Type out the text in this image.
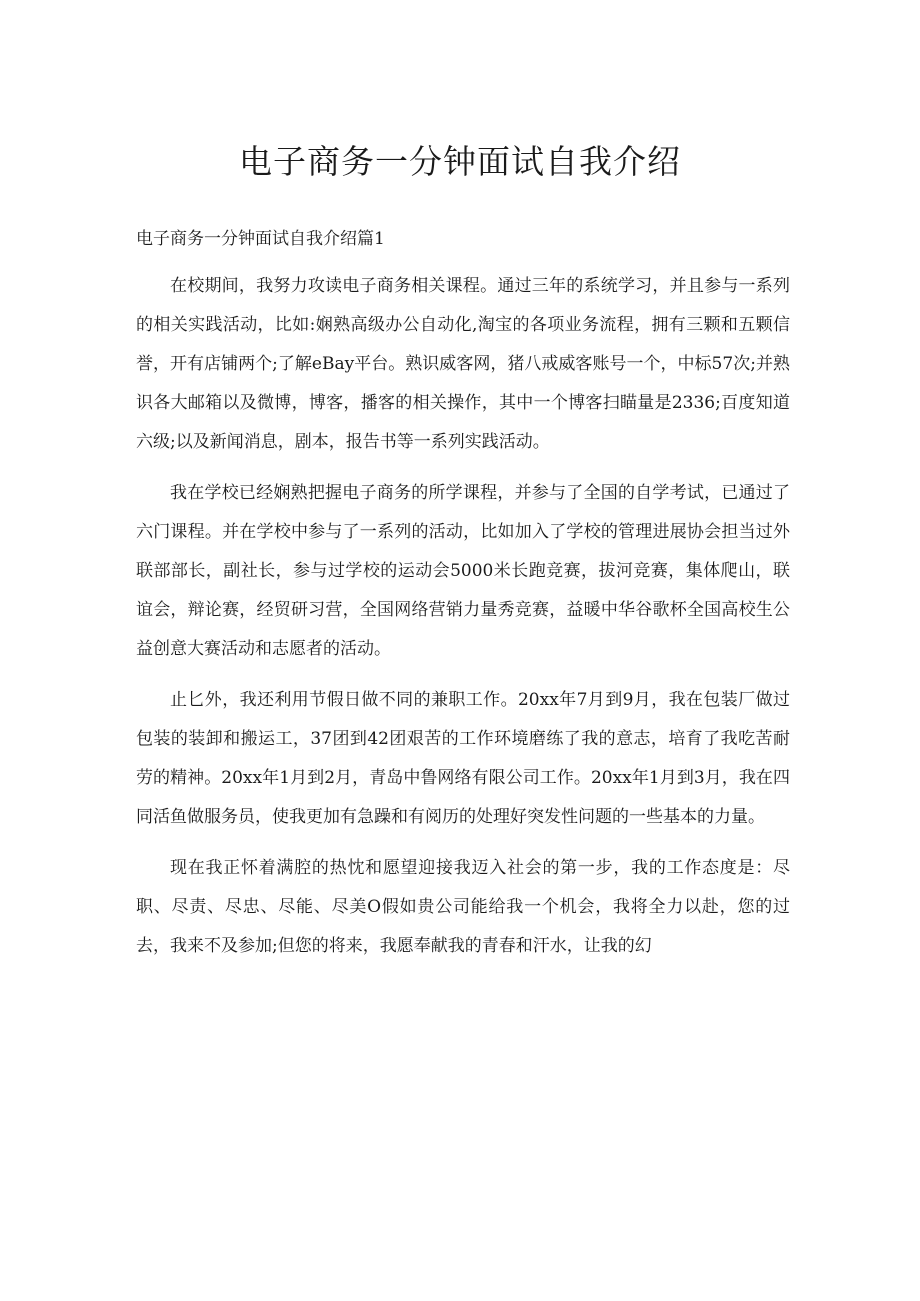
电子商务一分钟面试自我介绍

电子商务一分钟面试自我介绍篇1

在校期间，我努力攻读电子商务相关课程。通过三年的系统学习，并且参与一系列的相关实践活动，比如:娴熟高级办公自动化,淘宝的各项业务流程，拥有三颗和五颗信誉，开有店铺两个;了解eBay平台。熟识威客网，猪八戒威客账号一个，中标57次;并熟识各大邮箱以及微博，博客，播客的相关操作，其中一个博客扫瞄量是2336;百度知道六级;以及新闻消息，剧本，报告书等一系列实践活动。

我在学校已经娴熟把握电子商务的所学课程，并参与了全国的自学考试，已通过了六门课程。并在学校中参与了一系列的活动，比如加入了学校的管理进展协会担当过外联部部长，副社长，参与过学校的运动会5000米长跑竞赛，拔河竞赛，集体爬山，联谊会，辩论赛，经贸研习营，全国网络营销力量秀竞赛，益暖中华谷歌杯全国高校生公益创意大赛活动和志愿者的活动。

止匕外，我还利用节假日做不同的兼职工作。20xx年7月到9月，我在包装厂做过包装的装卸和搬运工，37团到42团艰苦的工作环境磨练了我的意志，培育了我吃苦耐劳的精神。20xx年1月到2月，青岛中鲁网络有限公司工作。20xx年1月到3月，我在四同活鱼做服务员，使我更加有急躁和有阅历的处理好突发性问题的一些基本的力量。

现在我正怀着满腔的热忱和愿望迎接我迈入社会的第一步，我的工作态度是：尽职、尽责、尽忠、尽能、尽美O假如贵公司能给我一个机会，我将全力以赴，您的过去，我来不及参加;但您的将来，我愿奉献我的青春和汗水，让我的幻
